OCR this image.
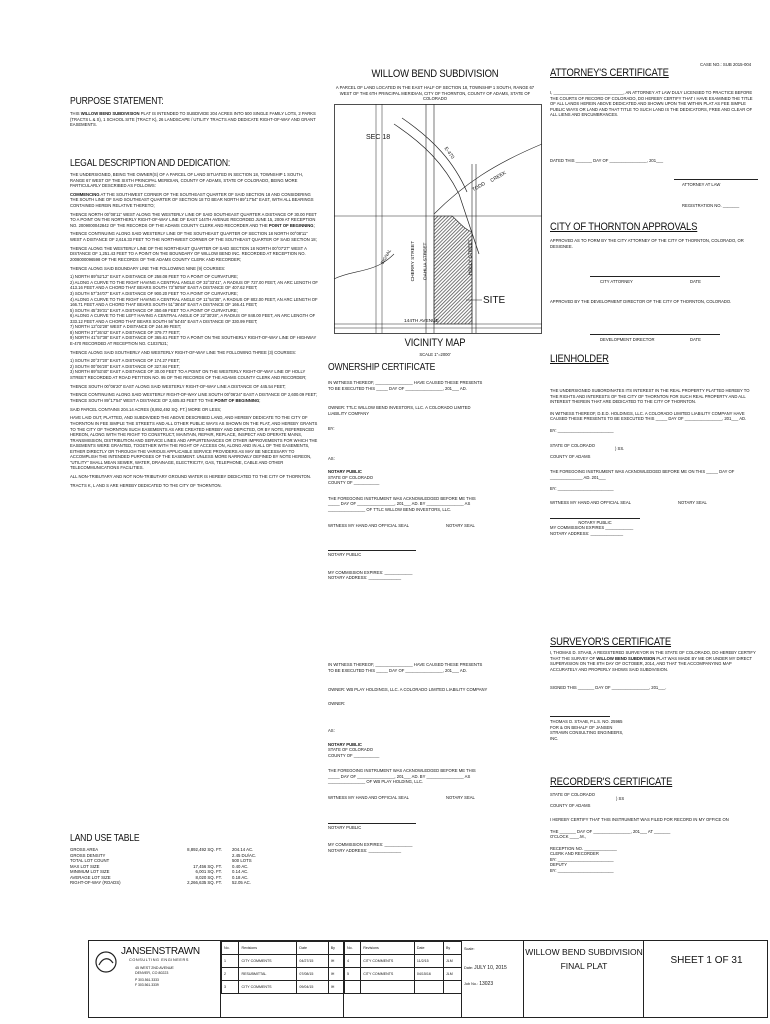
PURPOSE STATEMENT:

THIS WILLOW BEND SUBDIVISION PLAT IS INTENDED TO SUBDIVIDE 204 ACRES INTO 500 SINGLE FAMILY LOTS, 2 PARKS (TRACTS L & S), 1 SCHOOL SITE (TRACT K), 26 LANDSCAPE / UTILITY TRACTS AND DEDICATE RIGHT-OF-WAY AND GRANT EASEMENTS.

LEGAL DESCRIPTION AND DEDICATION:

THE UNDERSIGNED, BEING THE OWNER(S) OF A PARCEL OF LAND SITUATED IN SECTION 18, TOWNSHIP 1 SOUTH, RANGE 67 WEST OF THE SIXTH PRINCIPAL MERIDIAN, COUNTY OF ADAMS, STATE OF COLORADO, BEING MORE PARTICULARLY DESCRIBED AS FOLLOWS:

COMMENCING AT THE SOUTHWEST CORNER OF THE SOUTHEAST QUARTER OF SAID SECTION 18 AND CONSIDERING THE SOUTH LINE OF SAID SOUTHEAST QUARTER OF SECTION 18 TO BEAR NORTH 89°17'54" EAST, WITH ALL BEARINGS CONTAINED HEREIN RELATIVE THERETO;

THENCE NORTH 00°08'11" WEST ALONG THE WESTERLY LINE OF SAID SOUTHEAST QUARTER A DISTANCE OF 30.00 FEET TO A POINT ON THE NORTHERLY RIGHT-OF-WAY LINE OF EAST 144TH AVENUE RECORDED JUNE 15, 2009 AT RECEPTION NO. 2009000042842 OF THE RECORDS OF THE ADAMS COUNTY CLERK AND RECORDER AND THE POINT OF BEGINNING;

THENCE CONTINUING ALONG SAID WESTERLY LINE OF THE SOUTHEAST QUARTER OF SECTION 18 NORTH 00°08'11" WEST A DISTANCE OF 2,616.33 FEET TO THE NORTHWEST CORNER OF THE SOUTHEAST QUARTER OF SAID SECTION 18;

THENCE ALONG THE WESTERLY LINE OF THE NORTHEAST QUARTER OF SAID SECTION 18 NORTH 00°07'27" WEST A DISTANCE OF 1,251.43 FEET TO A POINT ON THE BOUNDARY OF WILLOW BEND INC. RECORDED AT RECEPTION NO. 2008000096598 OF THE RECORDS OF THE ADAMS COUNTY CLERK AND RECORDER;

THENCE ALONG SAID BOUNDARY LINE THE FOLLOWING NINE (9) COURSES:

1) NORTH 89°52'12" EAST A DISTANCE OF 258.08 FEET TO A POINT OF CURVATURE;
2) ALONG A CURVE TO THE RIGHT HAVING A CENTRAL ANGLE OF 32°33'41", A RADIUS OF 727.00 FEET, AN ARC LENGTH OF 413.16 FEET AND A CHORD THAT BEARS SOUTH 73°50'58" EAST A DISTANCE OF 407.62 FEET;
3) SOUTH 57°34'07" EAST A DISTANCE OF 900.20 FEET TO A POINT OF CURVATURE;
4) ALONG A CURVE TO THE RIGHT HAVING A CENTRAL ANGLE OF 11°54'35", A RADIUS OF 802.00 FEET, AN ARC LENGTH OF 166.71 FEET AND A CHORD THAT BEARS SOUTH 51°36'48" EAST A DISTANCE OF 166.41 FEET;
5) SOUTH 45°39'31" EAST A DISTANCE OF 350.69 FEET TO A POINT OF CURVATURE;
6) ALONG A CURVE TO THE LEFT HAVING A CENTRAL ANGLE OF 22°30'28", A RADIUS OF 848.00 FEET, AN ARC LENGTH OF 333.12 FEET AND A CHORD THAT BEARS SOUTH 56°54'45" EAST A DISTANCE OF 330.99 FEET;
7) NORTH 12°02'28" WEST A DISTANCE OF 244.99 FEET;
8) NORTH 37°26'42" EAST A DISTANCE OF 379.77 FEET;
9) NORTH 41°57'38" EAST A DISTANCE OF 365.61 FEET TO A POINT ON THE SOUTHERLY RIGHT-OF-WAY LINE OF HIGHWAY E-470 RECORDED AT RECEPTION NO. C1037521;

THENCE ALONG SAID SOUTHERLY AND WESTERLY RIGHT-OF-WAY LINE THE FOLLOWING THREE (3) COURSES:

1) SOUTH 20°37'20" EAST A DISTANCE OF 174.27 FEET;
2) SOUTH 00°06'20" EAST A DISTANCE OF 327.84 FEET;
3) NORTH 89°53'40" EAST A DISTANCE OF 30.00 FEET TO A POINT ON THE WESTERLY RIGHT-OF-WAY LINE OF HOLLY STREET RECORDED AT ROAD PETITION NO. 95 OF THE RECORDS OF THE ADAMS COUNTY CLERK AND RECORDER;

THENCE SOUTH 00°06'20" EAST ALONG SAID WESTERLY RIGHT-OF-WAY LINE A DISTANCE OF 445.54 FEET;

THENCE CONTINUING ALONG SAID WESTERLY RIGHT-OF-WAY LINE SOUTH 00°06'24" EAST A DISTANCE OF 2,600.09 FEET;

THENCE SOUTH 89°17'54" WEST A DISTANCE OF 2,605.83 FEET TO THE POINT OF BEGINNING;

SAID PARCEL CONTAINS 204.14 ACRES (8,892,492 SQ. FT.) MORE OR LESS;

HAVE LAID OUT, PLATTED, AND SUBDIVIDED THE ABOVE DESCRIBED LAND, AND HEREBY DEDICATE TO THE CITY OF THORNTON IN FEE SIMPLE THE STREETS AND ALL OTHER PUBLIC WAYS AS SHOWN ON THE PLAT, AND HEREBY GRANTS TO THE CITY OF THORNTON SUCH EASEMENTS AS ARE CREATED HEREBY AND DEPICTED, OR BY NOTE, REFERENCED HEREON, ALONG WITH THE RIGHT TO CONSTRUCT, MAINTAIN, REPAIR, REPLACE, INSPECT AND OPERATE MAINS, TRANSMISSION, DISTRIBUTION AND SERVICE LINES AND APPURTENANCES OR OTHER IMPROVEMENTS FOR WHICH THE EASEMENTS WERE GRANTED, TOGETHER WITH THE RIGHT OF ACCESS ON, ALONG AND IN ALL OF THE EASEMENTS, EITHER DIRECTLY OR THROUGH THE VARIOUS APPLICABLE SERVICE PROVIDERS AS MAY BE NECESSARY TO ACCOMPLISH THE INTENDED PURPOSES OF THE EASEMENT. UNLESS MORE NARROWLY DEFINED BY NOTE HEREON, "UTILITY" SHALL MEAN SEWER, WATER, DRAINAGE, ELECTRICITY, GAS, TELEPHONE, CABLE AND OTHER TELECOMMUNICATIONS FACILITIES.

ALL NON-TRIBUTARY AND NOT NON-TRIBUTARY GROUND WATER IS HEREBY DEDICATED TO THE CITY OF THORNTON.

TRACTS K, L AND S ARE HEREBY DEDICATED TO THE CITY OF THORNTON.

LAND USE TABLE
GROSS AREA	8,892,492 SQ. FT.	204.14 AC.
GROSS DENSITY		2.45 DU/AC.
TOTAL LOT COUNT		500 LOTS
MAX LOT SIZE	17,456 SQ. FT.	0.40 AC.
MINIMUM LOT SIZE	6,001 SQ. FT.	0.14 AC.
AVERAGE LOT SIZE	8,020 SQ. FT.	0.18 AC.
RIGHT-OF-WAY (ROADS)	2,266,635 SQ. FT.	52.05 AC.
WILLOW BEND SUBDIVISION

A PARCEL OF LAND LOCATED IN THE EAST HALF OF SECTION 18, TOWNSHIP 1 SOUTH, RANGE 67 WEST OF THE 6TH PRINCIPAL MERIDIAN, CITY OF THORNTON, COUNTY OF ADAMS, STATE OF COLORADO

SEC 18
E-470
CREEK
TODD
SIGNAL	CHERRY STREET DAHLIA STREET	HOLLY STREET
SITE
144TH AVENUE
VICINITY MAP
SCALE 1"=2000'
OWNERSHIP CERTIFICATE

IN WITNESS THEREOF, ________________ HAVE CAUSED THESE PRESENTS TO BE EXECUTED THIS _____ DAY OF ________________, 201___ AD.

OWNER: TTLC WILLOW BEND INVESTORS, LLC. A COLORADO LIMITED LIABILITY COMPANY

BY:

AS:

NOTARY PUBLIC
STATE OF COLORADO
COUNTY OF ___________

THE FOREGOING INSTRUMENT WAS ACKNOWLEDGED BEFORE ME THIS _____ DAY OF ________________, 201___ AD. BY ________________ AS ________________ OF TTLC WILLOW BEND INVESTORS, LLC.

WITNESS MY HAND AND OFFICIAL SEAL	NOTARY SEAL
NOTARY PUBLIC
MY COMMISSION EXPIRES: ____________
NOTARY ADDRESS: ______________

IN WITNESS THEREOF, ________________ HAVE CAUSED THESE PRESENTS TO BE EXECUTED THIS _____ DAY OF ________________, 201___ AD.

OWNER: WB PLAY HOLDINGS, LLC. A COLORADO LIMITED LIABILITY COMPANY

OWNER:

AS:

NOTARY PUBLIC
STATE OF COLORADO
COUNTY OF ___________

THE FOREGOING INSTRUMENT WAS ACKNOWLEDGED BEFORE ME THIS _____ DAY OF ________________, 201___ AD. BY ________________ AS ________________ OF WB PLAY HOLDING, LLC.

WITNESS MY HAND AND OFFICIAL SEAL	NOTARY SEAL
NOTARY PUBLIC
MY COMMISSION EXPIRES: ____________
NOTARY ADDRESS: ______________
CASE NO.: SUB 2015-004
ATTORNEY'S CERTIFICATE

I, ______________________________, AN ATTORNEY AT LAW DULY LICENSED TO PRACTICE BEFORE THE COURTS OF RECORD OF COLORADO, DO HEREBY CERTIFY THAT I HAVE EXAMINED THE TITLE OF ALL LANDS HEREIN ABOVE DEDICATED AND SHOWN UPON THE WITHIN PLAT AS FEE SIMPLE PUBLIC WAYS OR LAND AND THAT TITLE TO SUCH LAND IS THE DEDICATORS, FREE AND CLEAR OF ALL LIENS AND ENCUMBRANCES.

DATED THIS _______ DAY OF ________________, 201___
ATTORNEY AT LAW
REGISTRATION NO. _______
CITY OF THORNTON APPROVALS

APPROVED AS TO FORM BY THE CITY ATTORNEY OF THE CITY OF THORNTON, COLORADO, OR DESIGNEE.

CITY ATTORNEY	DATE

APPROVED BY THE DEVELOPMENT DIRECTOR OF THE CITY OF THORNTON, COLORADO.

DEVELOPMENT DIRECTOR	DATE
LIENHOLDER

THE UNDERSIGNED SUBORDINATES ITS INTEREST IN THE REAL PROPERTY PLATTED HEREBY TO THE RIGHTS AND INTERESTS OF THE CITY OF THORNTON FOR SUCH REAL PROPERTY AND ALL INTEREST THEREIN THAT ARE DEDICATED TO THE CITY OF THORNTON.

IN WITNESS THEREOF, D.E.D. HOLDINGS, LLC. A COLORADO LIMITED LIABILITY COMPANY HAVE CAUSED THESE PRESENTS TO BE EXECUTED THIS _____ DAY OF ________________, 201___ AD.

BY: ________________________

STATE OF COLORADO
) SS.
COUNTY OF ADAMS

THE FOREGOING INSTRUMENT WAS ACKNOWLEDGED BEFORE ME ON THIS _____ DAY OF ______________ AD. 201___

BY: ________________________

WITNESS MY HAND AND OFFICIAL SEAL	NOTARY SEAL
NOTARY PUBLIC
MY COMMISSION EXPIRES ____________
NOTARY ADDRESS: ______________
SURVEYOR'S CERTIFICATE

I, THOMAS D. STAAB, A REGISTERED SURVEYOR IN THE STATE OF COLORADO, DO HEREBY CERTIFY THAT THE SURVEY OF WILLOW BEND SUBDIVISION PLAT WAS MADE BY ME OR UNDER MY DIRECT SUPERVISION ON THE 8TH DAY OF OCTOBER, 2014, AND THAT THE ACCOMPANYING MAP ACCURATELY AND PROPERLY SHOWS SAID SUBDIVISION.

SIGNED THIS _______ DAY OF ________________, 201___.

THOMAS D. STAAB, P.L.S. NO. 25965 FOR & ON BEHALF OF JANSEN STRAWN CONSULTING ENGINEERS, INC.

RECORDER'S CERTIFICATE
STATE OF COLORADO
) SS
COUNTY OF ADAMS

I HEREBY CERTIFY THAT THIS INSTRUMENT WAS FILED FOR RECORD IN MY OFFICE ON

THE _______ DAY OF ________________, 201___ AT _______ O'CLOCK ____.M.,

RECEPTION NO. ______________
CLERK AND RECORDER
BY: ________________________
DEPUTY
BY: ________________________
JANSENSTRAWN
CONSULTING ENGINEERS
45 WEST 2ND AVENUE
DENVER, CO 80223
P 303.561.3333
F 303.561.3339
No.	Revisions	Date	By
1	CITY COMMENTS	04/27/15	IH
2	RESUBMITTAL	07/08/15	IH
3	CITY COMMENTS	09/04/15	IH
No.	Revisions	Date	By
4	CITY COMMENTS	11/2/15	JLM
5	CITY COMMENTS	04/15/16	JLM

Scale:
Date: JULY 10, 2015
Job No.: 13023
WILLOW BEND SUBDIVISION
FINAL PLAT	SHEET 1 OF 31
